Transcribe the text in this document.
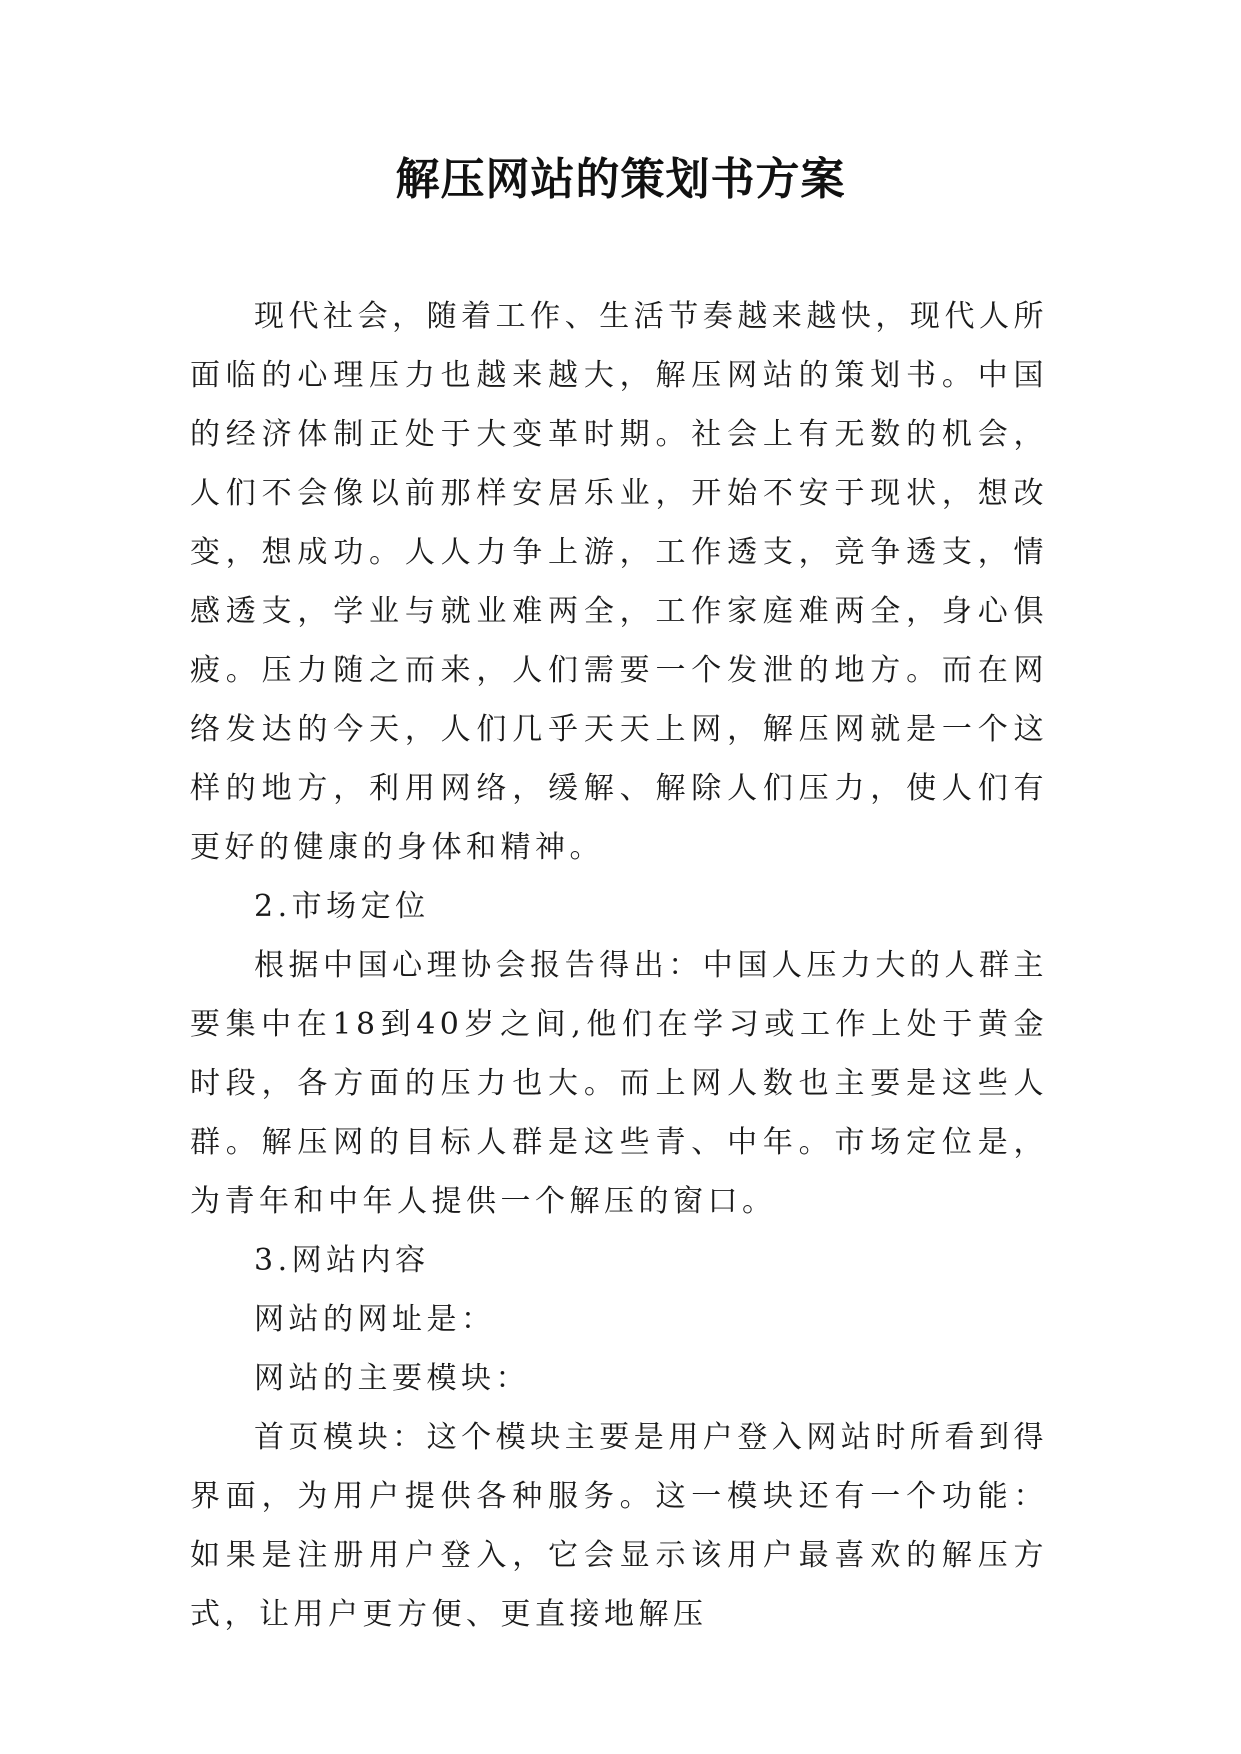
解压网站的策划书方案

现代社会，随着工作、生活节奏越来越快，现代人所面临的心理压力也越来越大，解压网站的策划书。中国的经济体制正处于大变革时期。社会上有无数的机会，人们不会像以前那样安居乐业，开始不安于现状，想改变，想成功。人人力争上游，工作透支，竞争透支，情感透支，学业与就业难两全，工作家庭难两全，身心俱疲。压力随之而来，人们需要一个发泄的地方。而在网络发达的今天，人们几乎天天上网，解压网就是一个这样的地方，利用网络，缓解、解除人们压力，使人们有更好的健康的身体和精神。

2.市场定位

根据中国心理协会报告得出：中国人压力大的人群主要集中在18到40岁之间,他们在学习或工作上处于黄金时段，各方面的压力也大。而上网人数也主要是这些人群。解压网的目标人群是这些青、中年。市场定位是，为青年和中年人提供一个解压的窗口。

3.网站内容

网站的网址是：

网站的主要模块：

首页模块：这个模块主要是用户登入网站时所看到得界面，为用户提供各种服务。这一模块还有一个功能：如果是注册用户登入，它会显示该用户最喜欢的解压方式，让用户更方便、更直接地解压
